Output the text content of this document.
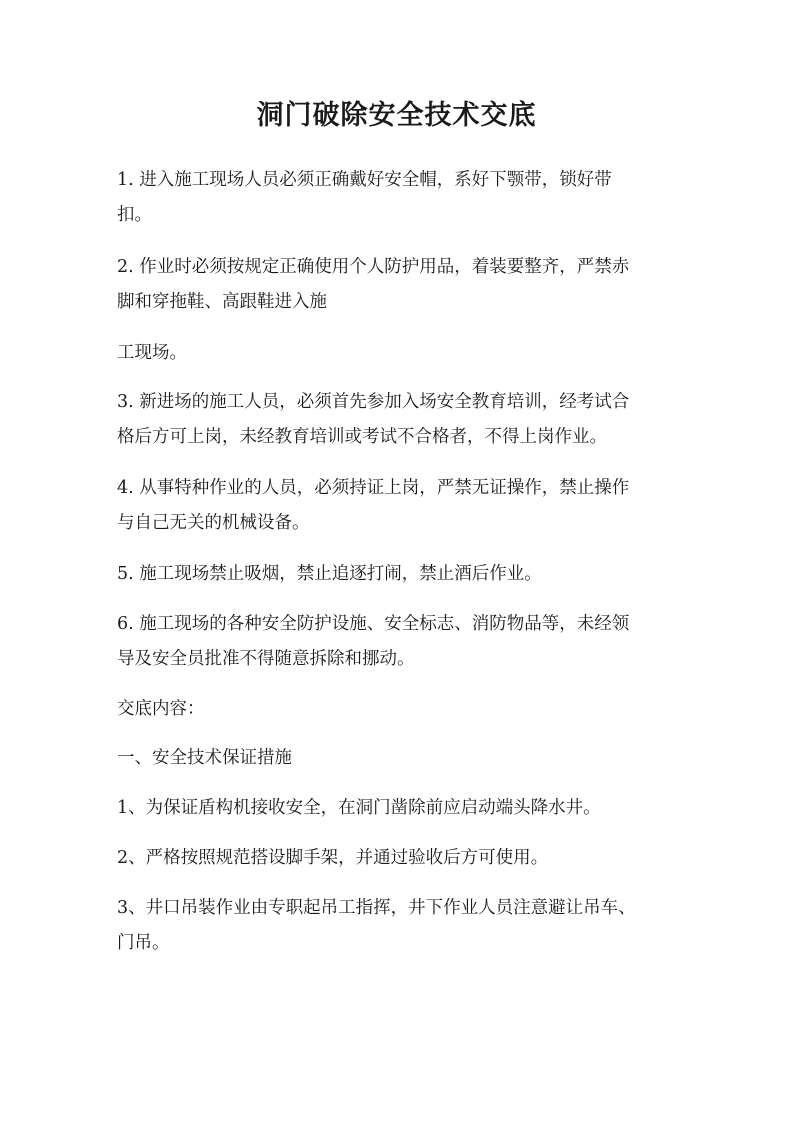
洞门破除安全技术交底
1. 进入施工现场人员必须正确戴好安全帽，系好下颚带，锁好带
扣。
2. 作业时必须按规定正确使用个人防护用品，着装要整齐，严禁赤
脚和穿拖鞋、高跟鞋进入施
工现场。
3. 新进场的施工人员，必须首先参加入场安全教育培训，经考试合
格后方可上岗，未经教育培训或考试不合格者，不得上岗作业。
4. 从事特种作业的人员，必须持证上岗，严禁无证操作，禁止操作
与自己无关的机械设备。
5. 施工现场禁止吸烟，禁止追逐打闹，禁止酒后作业。
6. 施工现场的各种安全防护设施、安全标志、消防物品等，未经领
导及安全员批准不得随意拆除和挪动。
交底内容：
一、安全技术保证措施
1、为保证盾构机接收安全，在洞门凿除前应启动端头降水井。
2、严格按照规范搭设脚手架，并通过验收后方可使用。
3、井口吊装作业由专职起吊工指挥，井下作业人员注意避让吊车、
门吊。
